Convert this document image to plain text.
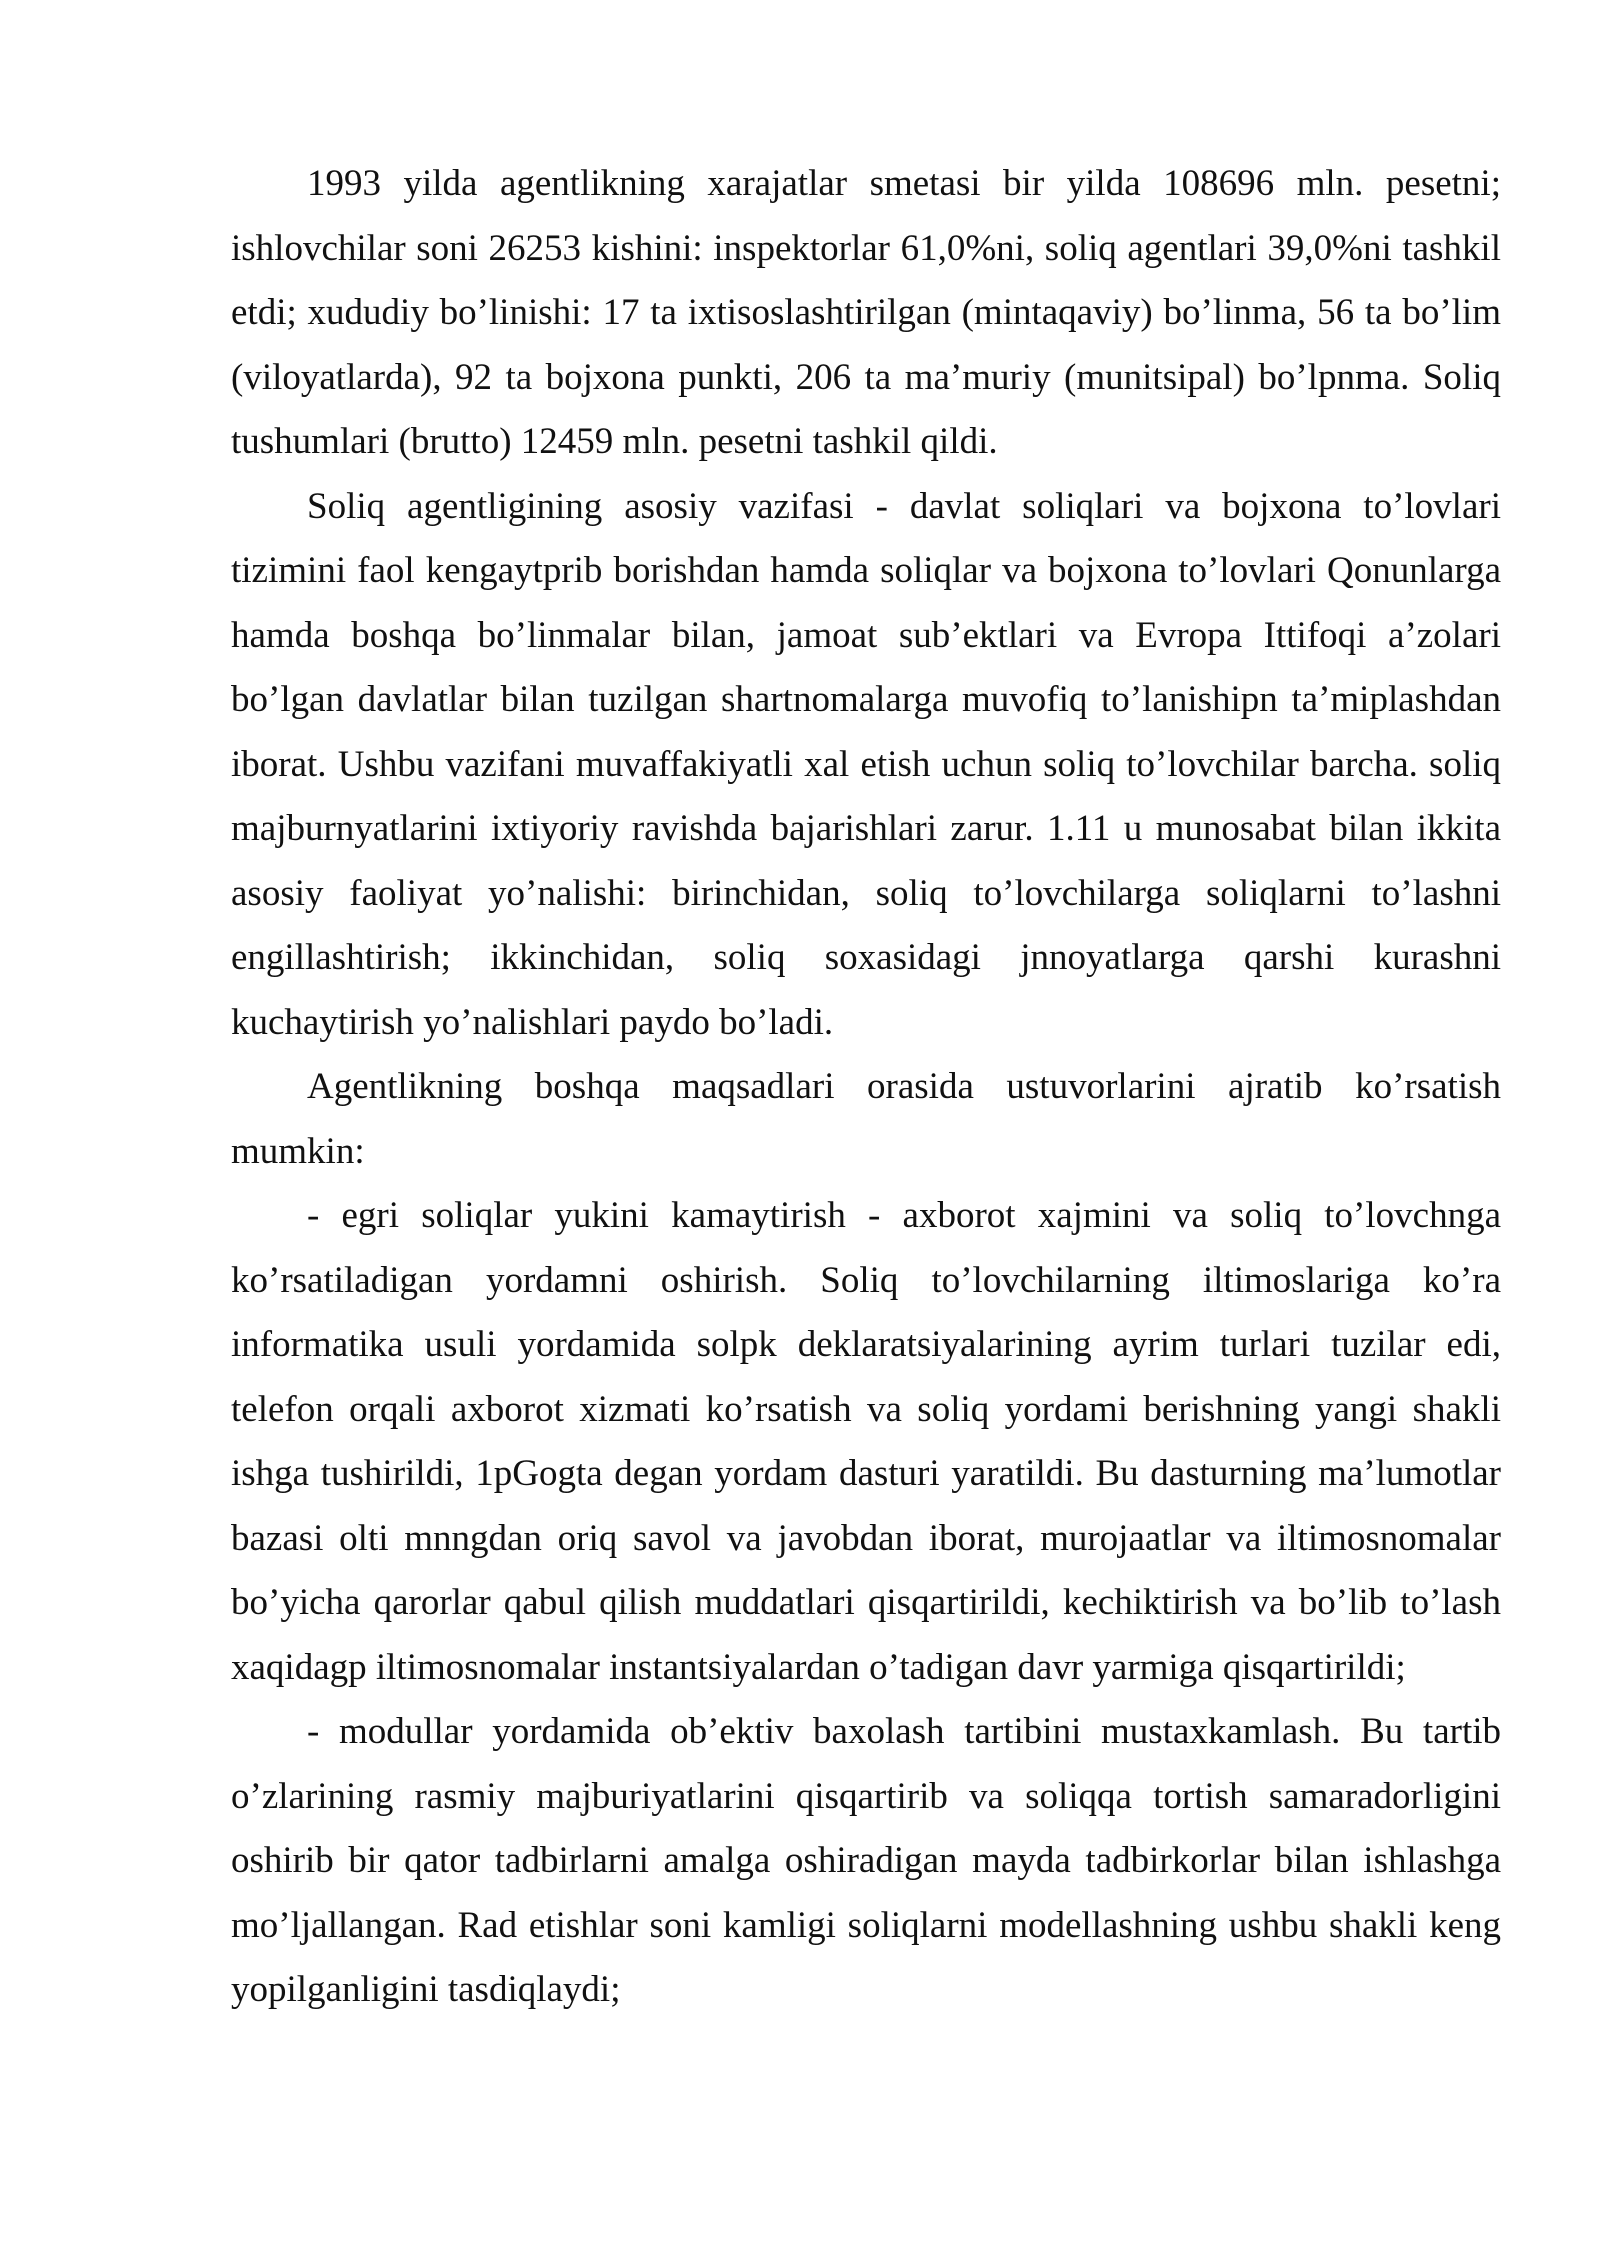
1993 yilda agentlikning xarajatlar smetasi bir yilda 108696 mln. pesetni; ishlovchilar soni 26253 kishini: inspektorlar 61,0%ni, soliq agentlari 39,0%ni tashkil etdi; xududiy bo’linishi: 17 ta ixtisoslashtirilgan (mintaqaviy) bo’linma, 56 ta bo’lim (viloyatlarda), 92 ta bojxona punkti, 206 ta ma’muriy (munitsipal) bo’lpnma. Soliq tushumlari (brutto) 12459 mln. pesetni tashkil qildi.

Soliq agentligining asosiy vazifasi - davlat soliqlari va bojxona to’lovlari tizimini faol kengaytprib borishdan hamda soliqlar va bojxona to’lovlari Qonunlarga hamda boshqa bo’linmalar bilan, jamoat sub’ektlari va Evropa Ittifoqi a’zolari bo’lgan davlatlar bilan tuzilgan shartnomalarga muvofiq to’lanishipn ta’miplashdan iborat. Ushbu vazifani muvaffakiyatli xal etish uchun soliq to’lovchilar barcha. soliq majburnyatlarini ixtiyoriy ravishda bajarishlari zarur. 1.11 u munosabat bilan ikkita asosiy faoliyat yo’nalishi: birinchidan, soliq to’lovchilarga soliqlarni to’lashni engillashtirish; ikkinchidan, soliq soxasidagi jnnoyatlarga qarshi kurashni kuchaytirish yo’nalishlari paydo bo’ladi.

Agentlikning boshqa maqsadlari orasida ustuvorlarini ajratib ko’rsatish mumkin:

- egri soliqlar yukini kamaytirish - axborot xajmini va soliq to’lovchnga ko’rsatiladigan yordamni oshirish. Soliq to’lovchilarning iltimoslariga ko’ra informatika usuli yordamida solpk deklaratsiyalarining ayrim turlari tuzilar edi, telefon orqali axborot xizmati ko’rsatish va soliq yordami berishning yangi shakli ishga tushirildi, 1pGogta degan yordam dasturi yaratildi. Bu dasturning ma’lumotlar bazasi olti mnngdan oriq savol va javobdan iborat, murojaatlar va iltimosnomalar bo’yicha qarorlar qabul qilish muddatlari qisqartirildi, kechiktirish va bo’lib to’lash xaqidagp iltimosnomalar instantsiyalardan o’tadigan davr yarmiga qisqartirildi;

- modullar yordamida ob’ektiv baxolash tartibini mustaxkamlash. Bu tartib o’zlarining rasmiy majburiyatlarini qisqartirib va soliqqa tortish samaradorligini oshirib bir qator tadbirlarni amalga oshiradigan mayda tadbirkorlar bilan ishlashga mo’ljallangan. Rad etishlar soni kamligi soliqlarni modellashning ushbu shakli keng yopilganligini tasdiqlaydi;
